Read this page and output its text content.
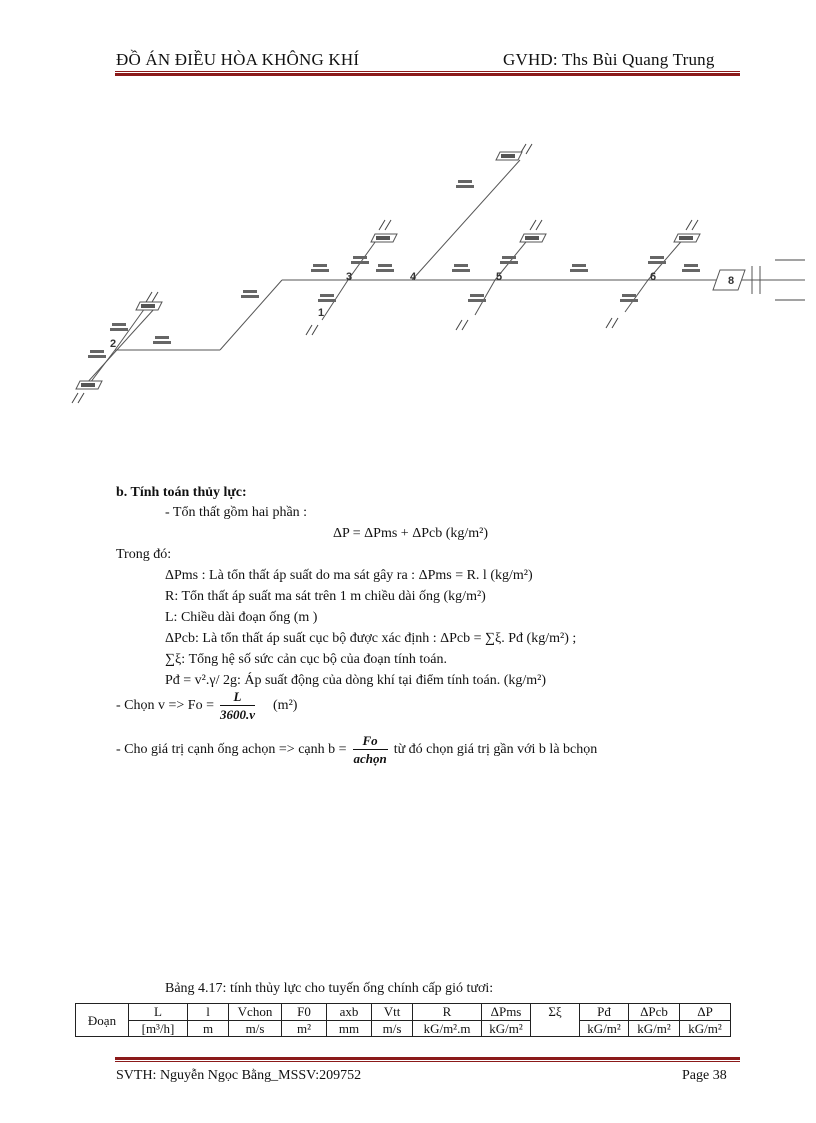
ĐỒ ÁN ĐIỀU HÒA KHÔNG KHÍ	GVHD: Ths Bùi Quang Trung
1
2
3	4	5	6	8
b. Tính toán thủy lực:
- Tổn thất gồm hai phần :
ΔP = ΔPms + ΔPcb (kg/m²)
Trong đó:
ΔPms : Là tổn thất áp suất do ma sát gây ra : ΔPms = R. l (kg/m²)
R: Tổn thất áp suất ma sát trên 1 m chiều dài ống (kg/m²)
L: Chiều dài đoạn ống (m )
ΔPcb: Là tổn thất áp suất cục bộ được xác định : ΔPcb = ∑ξ. Pđ (kg/m²) ;
∑ξ: Tổng hệ số sức cản cục bộ của đoạn tính toán.
Pđ = v².γ/ 2g: Áp suất động của dòng khí tại điểm tính toán. (kg/m²)
- Chọn $v => Fo = \frac{L}{3600.v} (m^2)$
- Cho giá trị cạnh ống achọn => cạnh $b = \frac{Fo}{\text{achọn}}$ từ đó chọn giá trị gần với b là bchọn
Bảng 4.17: tính thủy lực cho tuyến ống chính cấp gió tươi:
Đoạn	L	l	Vchon	F0	axb	Vtt	R	ΔPms	Σξ	Pđ	ΔPcb	ΔP
	[m³/h]	m	m/s	m²	mm	m/s	kG/m².m	kG/m²		kG/m²	kG/m²	kG/m²
SVTH: Nguyễn Ngọc Bằng_MSSV:209752	Page 38
